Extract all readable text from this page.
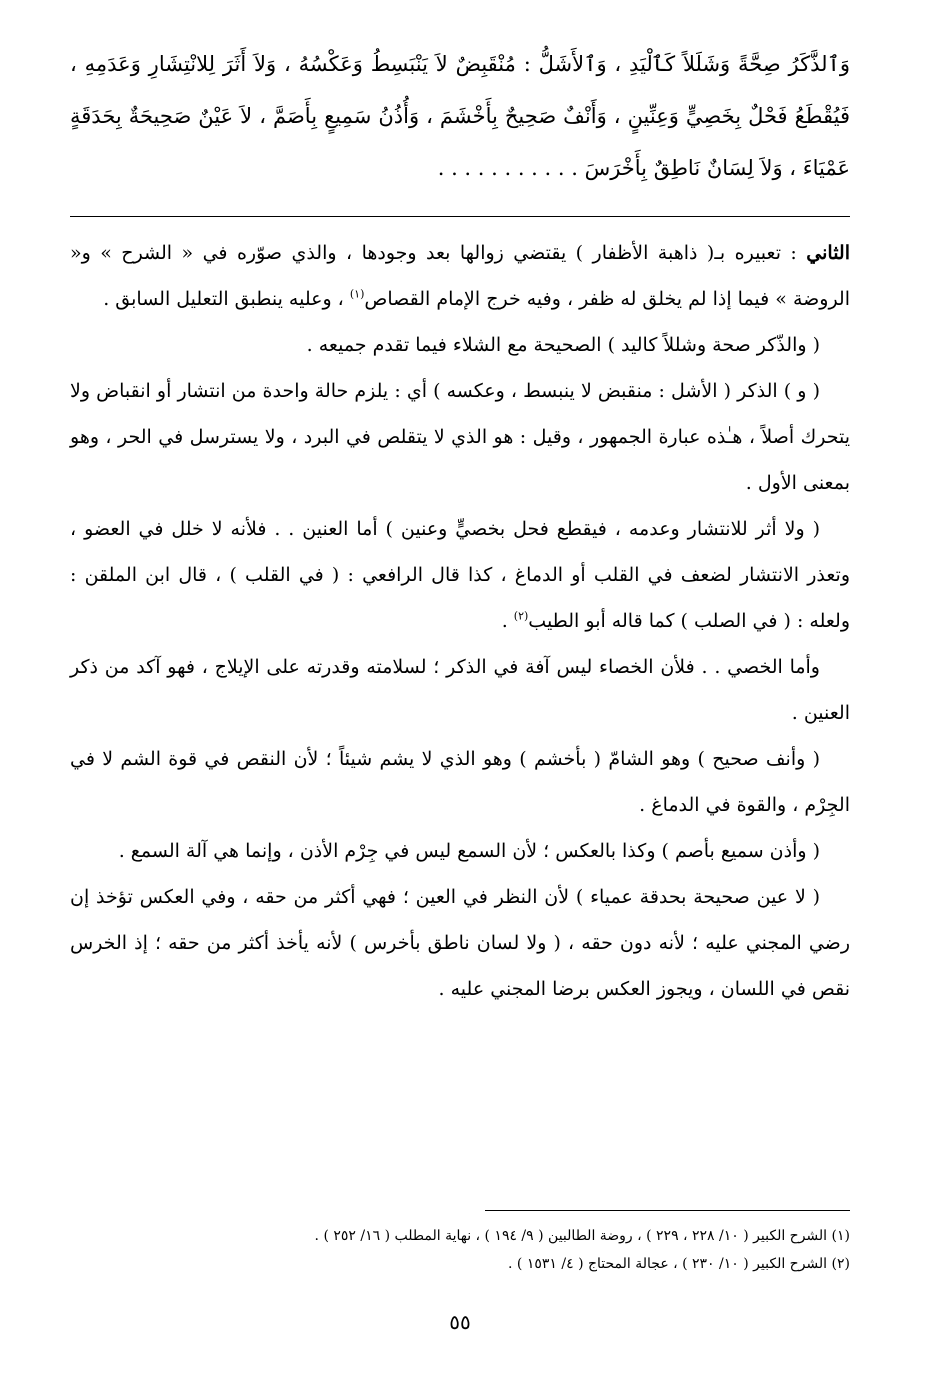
وَٱلذَّكَرُ صِحَّةً وَشَلَلاً كَٱلْيَدِ ، وَٱلأَشَلُّ : مُنْقَبِضٌ لاَ يَنْبَسِطُ وَعَكْسُهُ ، وَلاَ أَثَرَ لِلانْتِشَارِ وَعَدَمِهِ ، فَيُقْطَعُ فَحْلٌ بِخَصِيٍّ وَعِنِّينٍ ، وَأَنْفٌ صَحِيحٌ بِأَخْشَمَ ، وَأُذُنُ سَمِيعٍ بِأَصَمَّ ، لاَ عَيْنٌ صَحِيحَةٌ بِحَدَقَةٍ عَمْيَاءَ ، وَلاَ لِسَانٌ نَاطِقٌ بِأَخْرَسَ . . . . . . . . . . .

الثاني : تعبيره بـ( ذاهبة الأظفار ) يقتضي زوالها بعد وجودها ، والذي صوّره في « الشرح » و« الروضة » فيما إذا لم يخلق له ظفر ، وفيه خرج الإمام القصاص$^{(١)}$ ، وعليه ينطبق التعليل السابق .

( والذّكر صحة وشللاً كاليد ) الصحيحة مع الشلاء فيما تقدم جميعه .

( و ) الذكر ( الأشل : منقبض لا ينبسط ، وعكسه ) أي : يلزم حالة واحدة من انتشار أو انقباض ولا يتحرك أصلاً ، هـٰذه عبارة الجمهور ، وقيل : هو الذي لا يتقلص في البرد ، ولا يسترسل في الحر ، وهو بمعنى الأول .

( ولا أثر للانتشار وعدمه ، فيقطع فحل بخصيٍّ وعنين ) أما العنين . . فلأنه لا خلل في العضو ، وتعذر الانتشار لضعف في القلب أو الدماغ ، كذا قال الرافعي : ( في القلب ) ، قال ابن الملقن : ولعله : ( في الصلب ) كما قاله أبو الطيب$^{(٢)}$ .

وأما الخصي . . فلأن الخصاء ليس آفة في الذكر ؛ لسلامته وقدرته على الإيلاج ، فهو آكد من ذكر العنين .

( وأنف صحيح ) وهو الشامّ ( بأخشم ) وهو الذي لا يشم شيئاً ؛ لأن النقص في قوة الشم لا في الجِرْم ، والقوة في الدماغ .

( وأذن سميع بأصم ) وكذا بالعكس ؛ لأن السمع ليس في جِرْم الأذن ، وإنما هي آلة السمع .

( لا عين صحيحة بحدقة عمياء ) لأن النظر في العين ؛ فهي أكثر من حقه ، وفي العكس تؤخذ إن رضي المجني عليه ؛ لأنه دون حقه ، ( ولا لسان ناطق بأخرس ) لأنه يأخذ أكثر من حقه ؛ إذ الخرس نقص في اللسان ، ويجوز العكس برضا المجني عليه .

(١) الشرح الكبير ( ١٠/ ٢٢٨ ، ٢٢٩ ) ، روضة الطالبين ( ٩/ ١٩٤ ) ، نهاية المطلب ( ١٦/ ٢٥٢ ) .
(٢) الشرح الكبير ( ١٠/ ٢٣٠ ) ، عجالة المحتاج ( ٤/ ١٥٣١ ) .
٥٥
